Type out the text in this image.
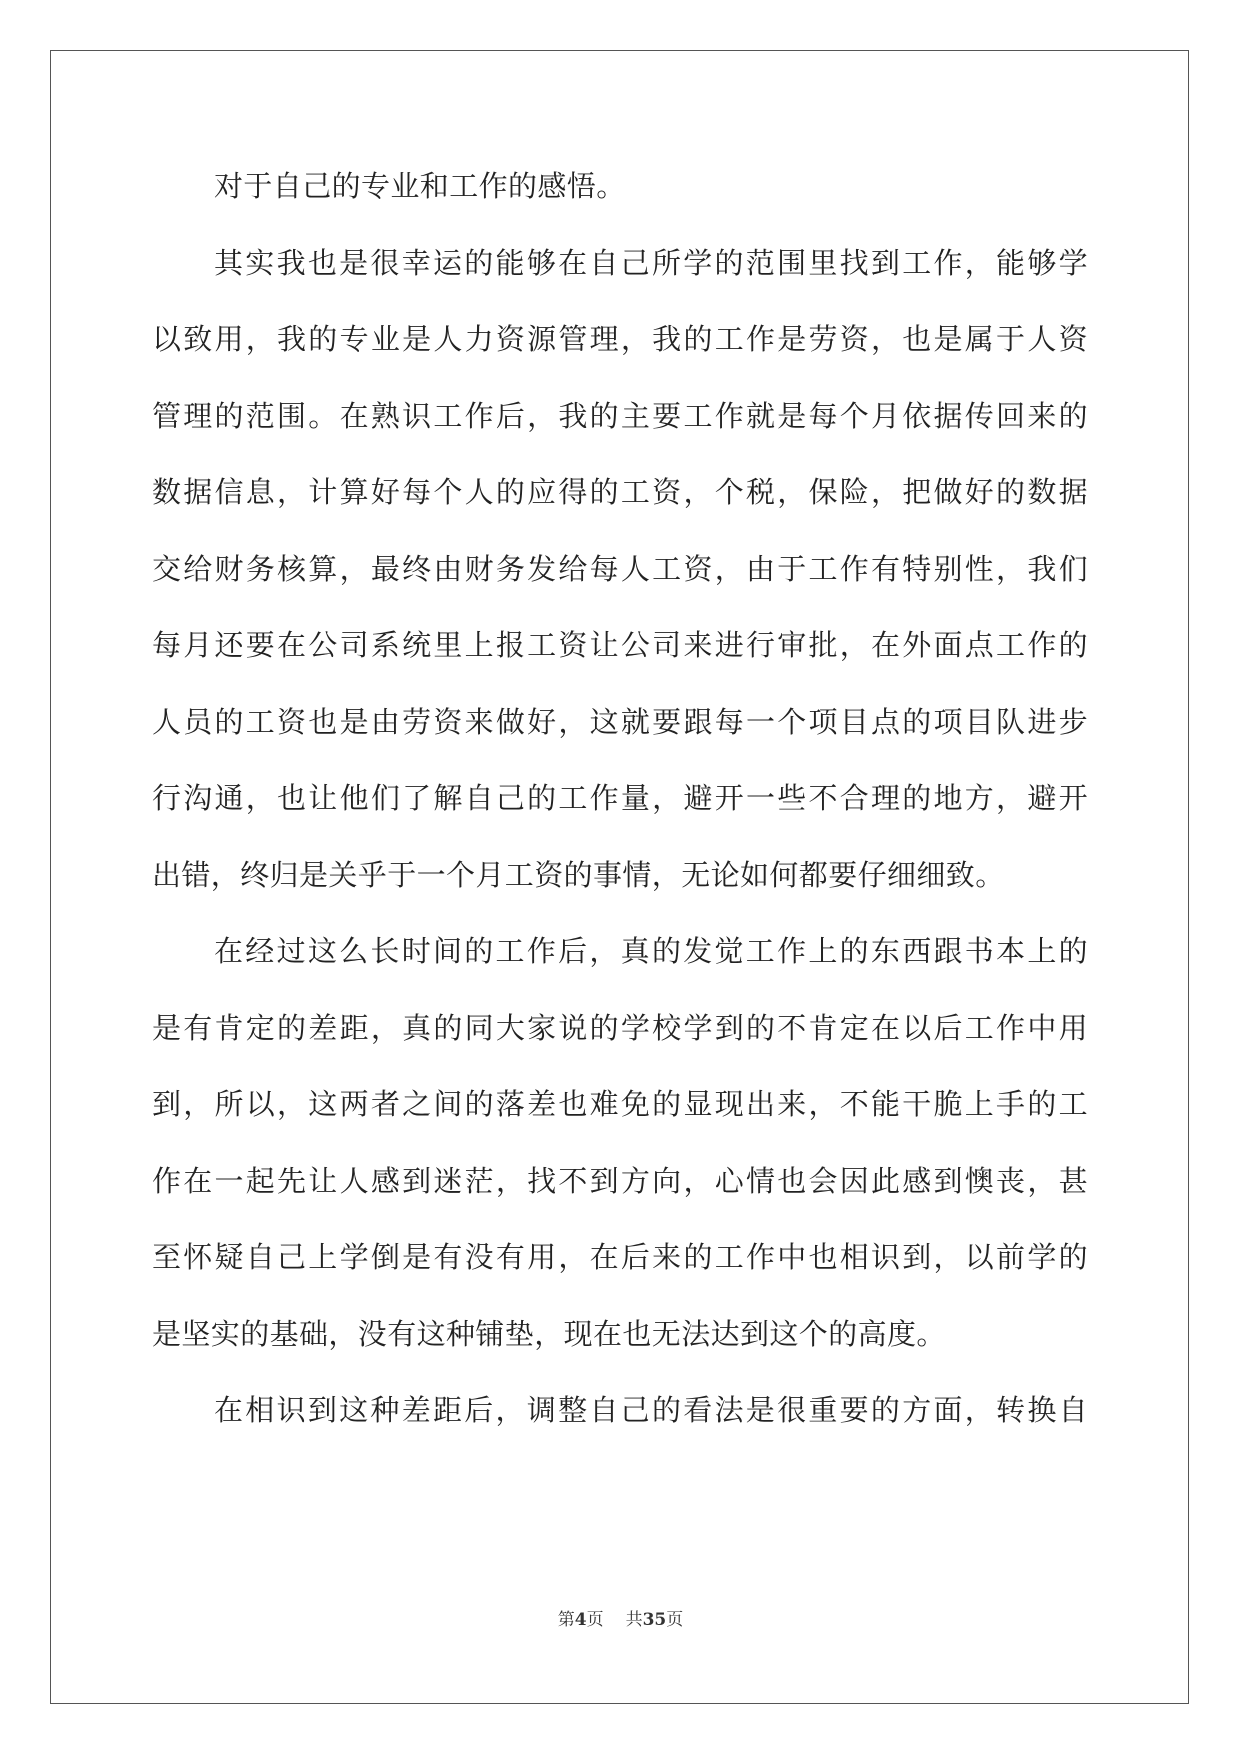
对于自己的专业和工作的感悟。
其实我也是很幸运的能够在自己所学的范围里找到工作，能够学
以致用，我的专业是人力资源管理，我的工作是劳资，也是属于人资
管理的范围。在熟识工作后，我的主要工作就是每个月依据传回来的
数据信息，计算好每个人的应得的工资，个税，保险，把做好的数据
交给财务核算，最终由财务发给每人工资，由于工作有特别性，我们
每月还要在公司系统里上报工资让公司来进行审批，在外面点工作的
人员的工资也是由劳资来做好，这就要跟每一个项目点的项目队进步
行沟通，也让他们了解自己的工作量，避开一些不合理的地方，避开
出错，终归是关乎于一个月工资的事情，无论如何都要仔细细致。
在经过这么长时间的工作后，真的发觉工作上的东西跟书本上的
是有肯定的差距，真的同大家说的学校学到的不肯定在以后工作中用
到，所以，这两者之间的落差也难免的显现出来，不能干脆上手的工
作在一起先让人感到迷茫，找不到方向，心情也会因此感到懊丧，甚
至怀疑自己上学倒是有没有用，在后来的工作中也相识到，以前学的
是坚实的基础，没有这种铺垫，现在也无法达到这个的高度。
在相识到这种差距后，调整自己的看法是很重要的方面，转换自
第4页 共35页
